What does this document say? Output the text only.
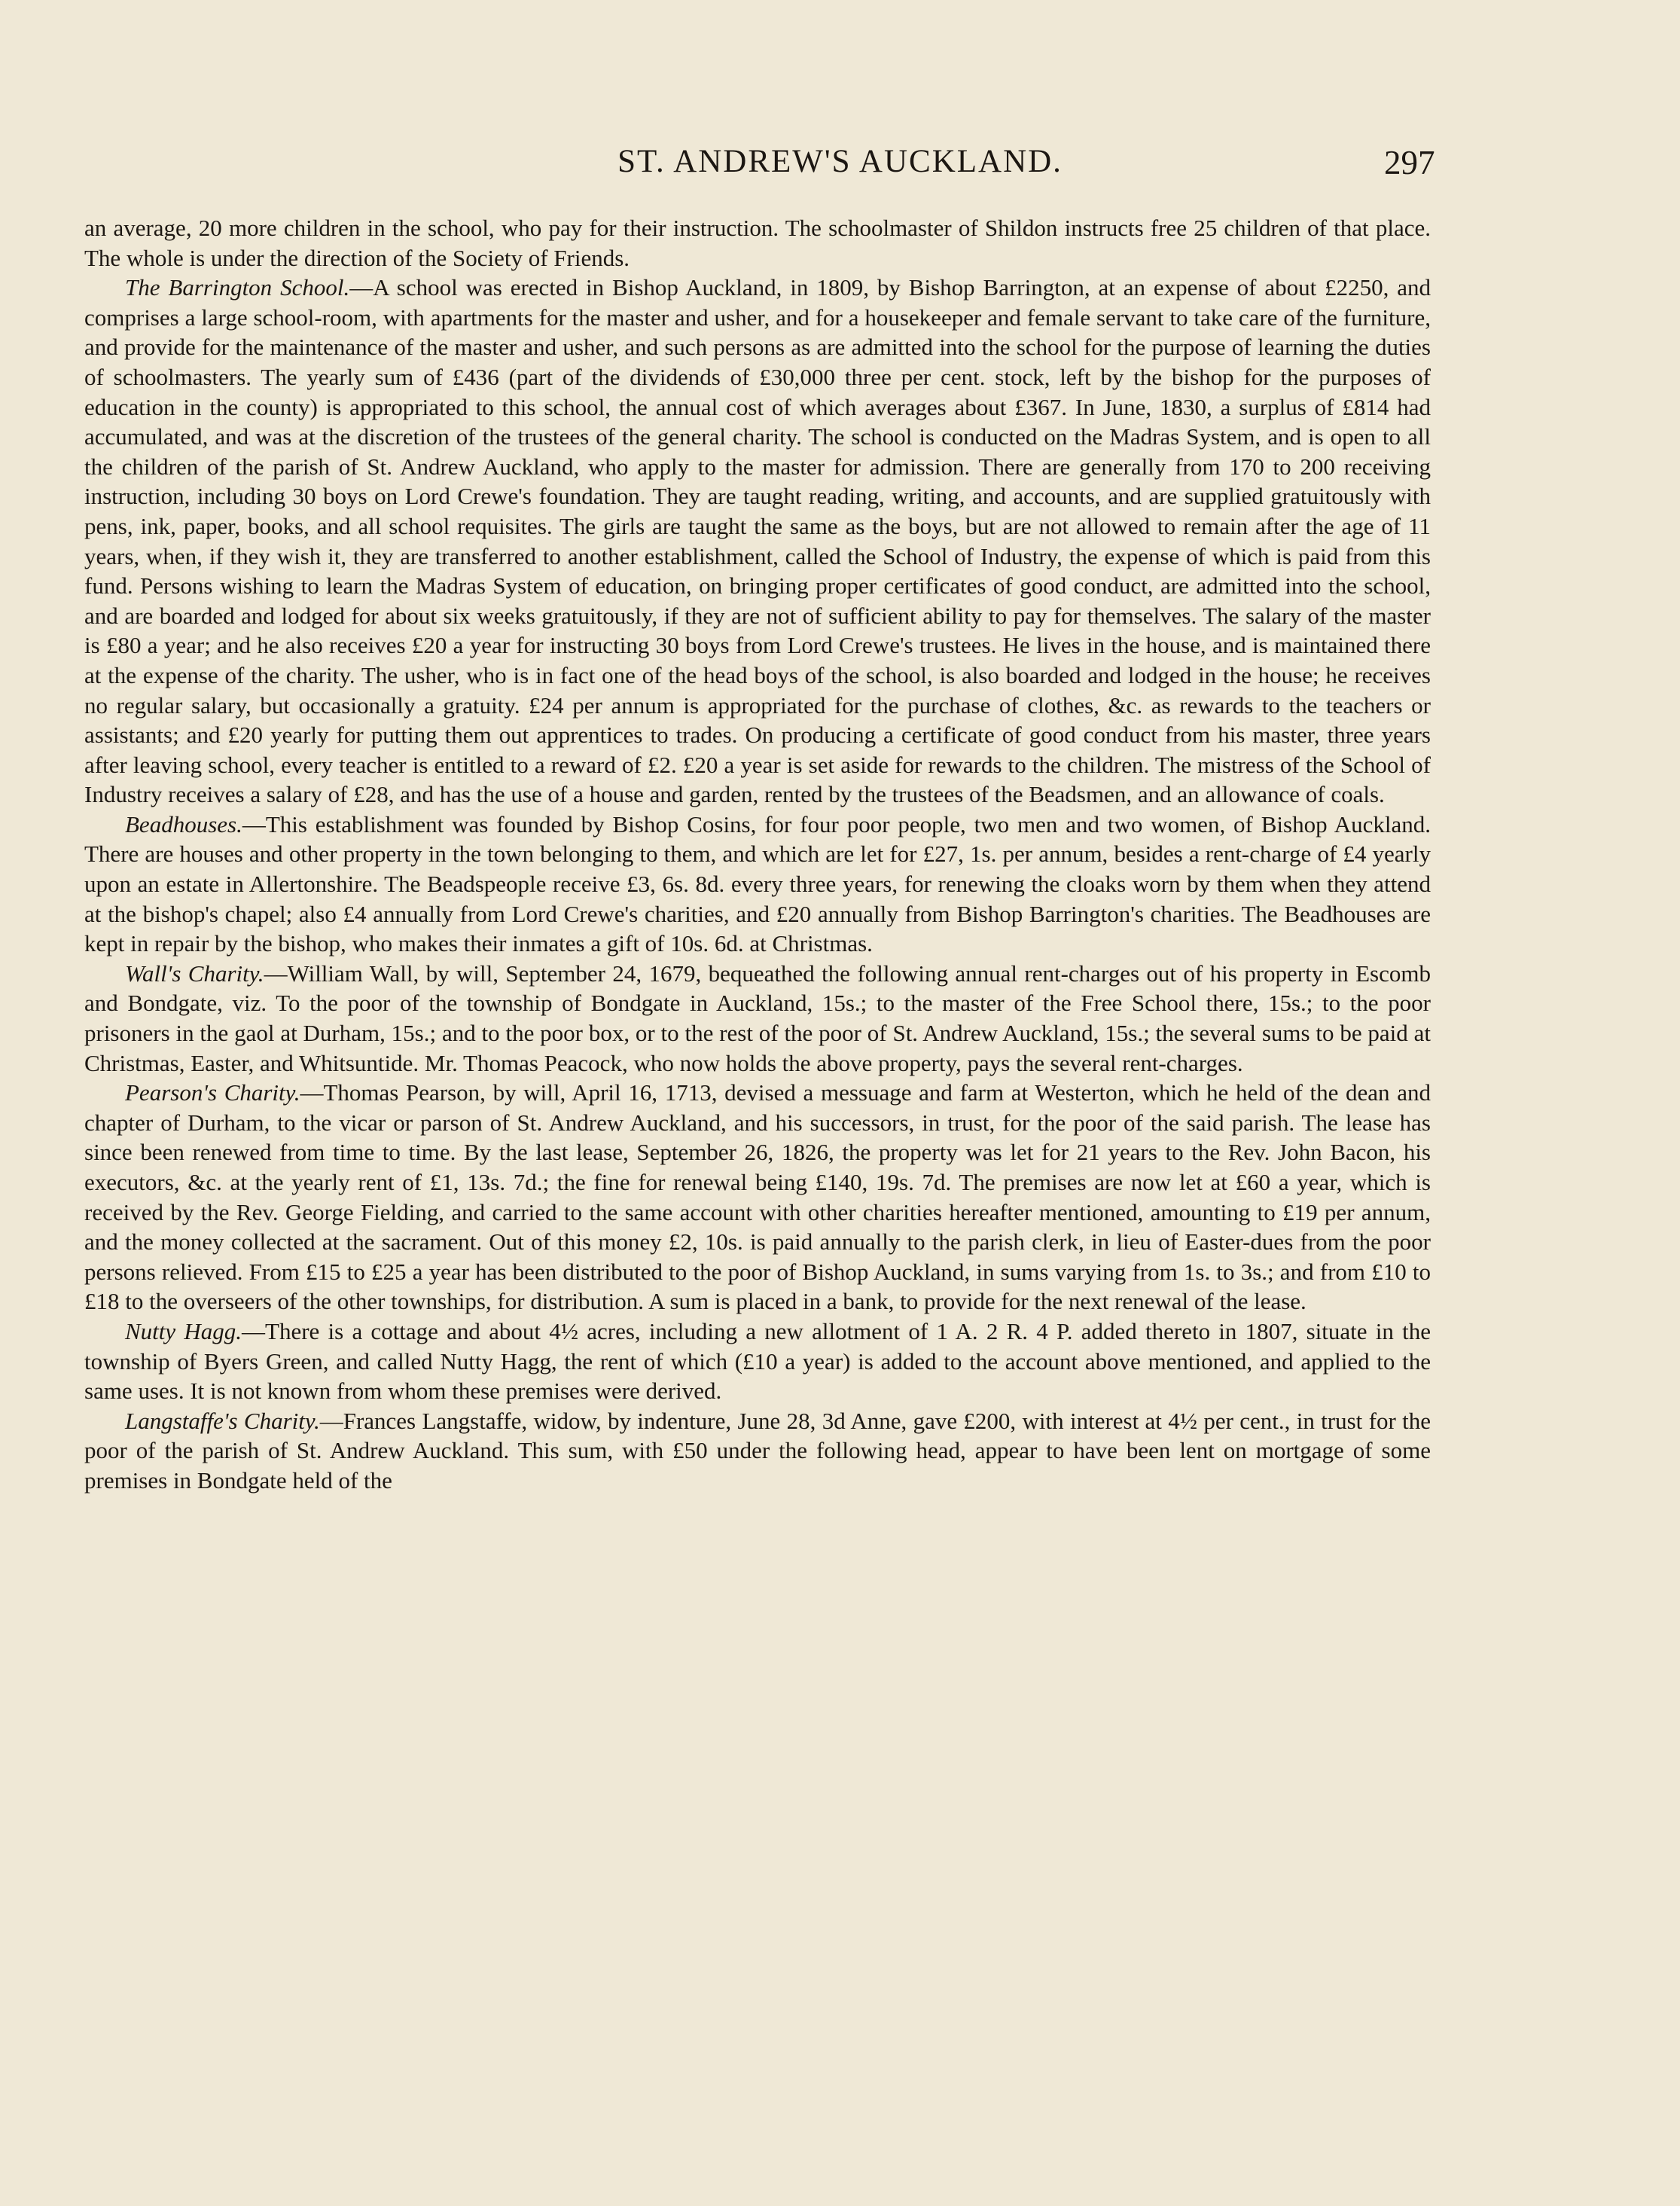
ST. ANDREW'S AUCKLAND.	297

an average, 20 more children in the school, who pay for their instruction. The schoolmaster of Shildon instructs free 25 children of that place. The whole is under the direction of the Society of Friends.

The Barrington School.—A school was erected in Bishop Auckland, in 1809, by Bishop Barrington, at an expense of about £2250, and comprises a large school-room, with apartments for the master and usher, and for a housekeeper and female servant to take care of the furniture, and provide for the maintenance of the master and usher, and such persons as are admitted into the school for the purpose of learning the duties of schoolmasters. The yearly sum of £436 (part of the dividends of £30,000 three per cent. stock, left by the bishop for the purposes of education in the county) is appropriated to this school, the annual cost of which averages about £367. In June, 1830, a surplus of £814 had accumulated, and was at the discretion of the trustees of the general charity. The school is conducted on the Madras System, and is open to all the children of the parish of St. Andrew Auckland, who apply to the master for admission. There are generally from 170 to 200 receiving instruction, including 30 boys on Lord Crewe's foundation. They are taught reading, writing, and accounts, and are supplied gratuitously with pens, ink, paper, books, and all school requisites. The girls are taught the same as the boys, but are not allowed to remain after the age of 11 years, when, if they wish it, they are transferred to another establishment, called the School of Industry, the expense of which is paid from this fund. Persons wishing to learn the Madras System of education, on bringing proper certificates of good conduct, are admitted into the school, and are boarded and lodged for about six weeks gratuitously, if they are not of sufficient ability to pay for themselves. The salary of the master is £80 a year; and he also receives £20 a year for instructing 30 boys from Lord Crewe's trustees. He lives in the house, and is maintained there at the expense of the charity. The usher, who is in fact one of the head boys of the school, is also boarded and lodged in the house; he receives no regular salary, but occasionally a gratuity. £24 per annum is appropriated for the purchase of clothes, &c. as rewards to the teachers or assistants; and £20 yearly for putting them out apprentices to trades. On producing a certificate of good conduct from his master, three years after leaving school, every teacher is entitled to a reward of £2. £20 a year is set aside for rewards to the children. The mistress of the School of Industry receives a salary of £28, and has the use of a house and garden, rented by the trustees of the Beadsmen, and an allowance of coals.

Beadhouses.—This establishment was founded by Bishop Cosins, for four poor people, two men and two women, of Bishop Auckland. There are houses and other property in the town belonging to them, and which are let for £27, 1s. per annum, besides a rent-charge of £4 yearly upon an estate in Allertonshire. The Beadspeople receive £3, 6s. 8d. every three years, for renewing the cloaks worn by them when they attend at the bishop's chapel; also £4 annually from Lord Crewe's charities, and £20 annually from Bishop Barrington's charities. The Beadhouses are kept in repair by the bishop, who makes their inmates a gift of 10s. 6d. at Christmas.

Wall's Charity.—William Wall, by will, September 24, 1679, bequeathed the following annual rent-charges out of his property in Escomb and Bondgate, viz. To the poor of the township of Bondgate in Auckland, 15s.; to the master of the Free School there, 15s.; to the poor prisoners in the gaol at Durham, 15s.; and to the poor box, or to the rest of the poor of St. Andrew Auckland, 15s.; the several sums to be paid at Christmas, Easter, and Whitsuntide. Mr. Thomas Peacock, who now holds the above property, pays the several rent-charges.

Pearson's Charity.—Thomas Pearson, by will, April 16, 1713, devised a messuage and farm at Westerton, which he held of the dean and chapter of Durham, to the vicar or parson of St. Andrew Auckland, and his successors, in trust, for the poor of the said parish. The lease has since been renewed from time to time. By the last lease, September 26, 1826, the property was let for 21 years to the Rev. John Bacon, his executors, &c. at the yearly rent of £1, 13s. 7d.; the fine for renewal being £140, 19s. 7d. The premises are now let at £60 a year, which is received by the Rev. George Fielding, and carried to the same account with other charities hereafter mentioned, amounting to £19 per annum, and the money collected at the sacrament. Out of this money £2, 10s. is paid annually to the parish clerk, in lieu of Easter-dues from the poor persons relieved. From £15 to £25 a year has been distributed to the poor of Bishop Auckland, in sums varying from 1s. to 3s.; and from £10 to £18 to the overseers of the other townships, for distribution. A sum is placed in a bank, to provide for the next renewal of the lease.

Nutty Hagg.—There is a cottage and about 4½ acres, including a new allotment of 1 A. 2 R. 4 P. added thereto in 1807, situate in the township of Byers Green, and called Nutty Hagg, the rent of which (£10 a year) is added to the account above mentioned, and applied to the same uses. It is not known from whom these premises were derived.

Langstaffe's Charity.—Frances Langstaffe, widow, by indenture, June 28, 3d Anne, gave £200, with interest at 4½ per cent., in trust for the poor of the parish of St. Andrew Auckland. This sum, with £50 under the following head, appear to have been lent on mortgage of some premises in Bondgate held of the
